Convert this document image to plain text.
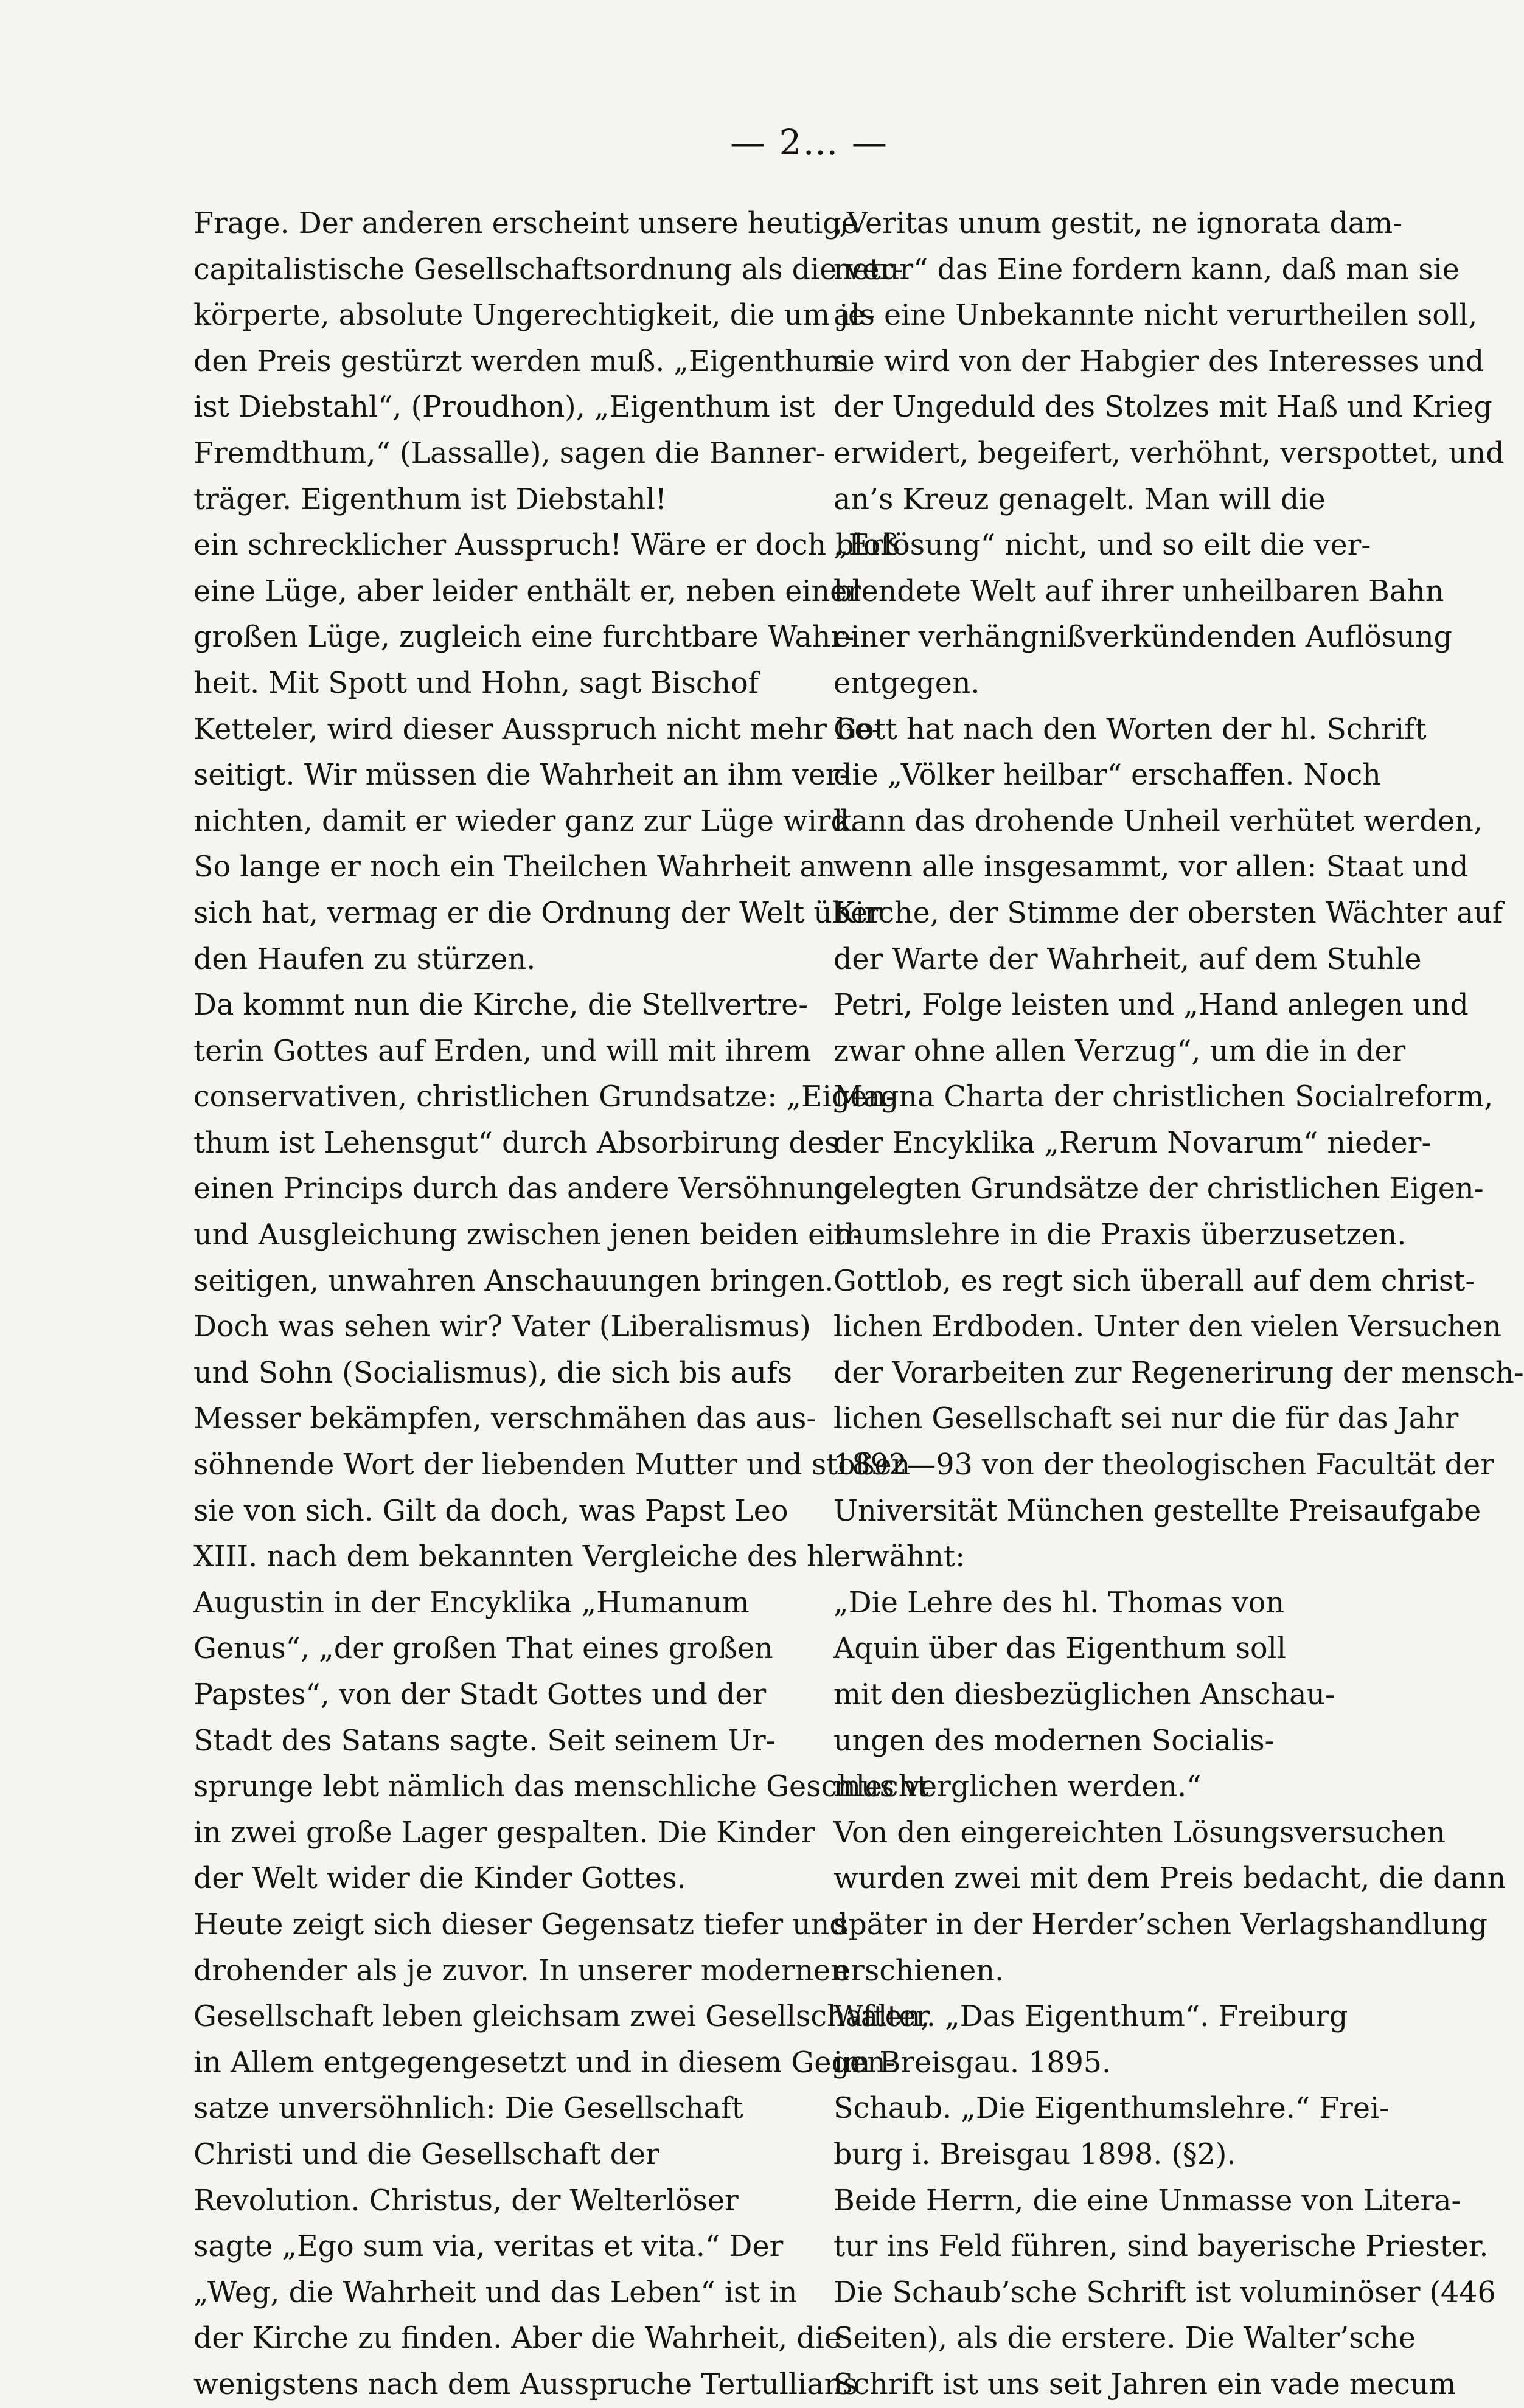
— 2… —
Frage. Der anderen erscheint unsere heutige
capitalistische Gesellschaftsordnung als die ver-
körperte, absolute Ungerechtigkeit, die um je-
den Preis gestürzt werden muß. „Eigenthum
ist Diebstahl“, (Proudhon), „Eigenthum ist
Fremdthum,“ (Lassalle), sagen die Banner-
träger. Eigenthum ist Diebstahl!
ein schrecklicher Ausspruch! Wäre er doch bloß
eine Lüge, aber leider enthält er, neben einer
großen Lüge, zugleich eine furchtbare Wahr-
heit. Mit Spott und Hohn, sagt Bischof
Ketteler, wird dieser Ausspruch nicht mehr be-
seitigt. Wir müssen die Wahrheit an ihm ver-
nichten, damit er wieder ganz zur Lüge wird.
So lange er noch ein Theilchen Wahrheit an
sich hat, vermag er die Ordnung der Welt über
den Haufen zu stürzen.
Da kommt nun die Kirche, die Stellvertre-
terin Gottes auf Erden, und will mit ihrem
conservativen, christlichen Grundsatze: „Eigen-
thum ist Lehensgut“ durch Absorbirung des
einen Princips durch das andere Versöhnung
und Ausgleichung zwischen jenen beiden ein-
seitigen, unwahren Anschauungen bringen.
Doch was sehen wir? Vater (Liberalismus)
und Sohn (Socialismus), die sich bis aufs
Messer bekämpfen, verschmähen das aus-
söhnende Wort der liebenden Mutter und stoßen
sie von sich. Gilt da doch, was Papst Leo
XIII. nach dem bekannten Vergleiche des hl.
Augustin in der Encyklika „Humanum
Genus“, „der großen That eines großen
Papstes“, von der Stadt Gottes und der
Stadt des Satans sagte. Seit seinem Ur-
sprunge lebt nämlich das menschliche Geschlecht
in zwei große Lager gespalten. Die Kinder
der Welt wider die Kinder Gottes.
Heute zeigt sich dieser Gegensatz tiefer und
drohender als je zuvor. In unserer modernen
Gesellschaft leben gleichsam zwei Gesellschaften,
in Allem entgegengesetzt und in diesem Gegen-
satze unversöhnlich: Die Gesellschaft
Christi und die Gesellschaft der
Revolution. Christus, der Welterlöser
sagte „Ego sum via, veritas et vita.“ Der
„Weg, die Wahrheit und das Leben“ ist in
der Kirche zu finden. Aber die Wahrheit, die
wenigstens nach dem Ausspruche Tertullians
„Veritas unum gestit, ne ignorata dam-
netur“ das Eine fordern kann, daß man sie
als eine Unbekannte nicht verurtheilen soll,
sie wird von der Habgier des Interesses und
der Ungeduld des Stolzes mit Haß und Krieg
erwidert, begeifert, verhöhnt, verspottet, und
an’s Kreuz genagelt. Man will die
„Erlösung“ nicht, und so eilt die ver-
blendete Welt auf ihrer unheilbaren Bahn
einer verhängnißverkündenden Auflösung
entgegen.
Gott hat nach den Worten der hl. Schrift
die „Völker heilbar“ erschaffen. Noch
kann das drohende Unheil verhütet werden,
wenn alle insgesammt, vor allen: Staat und
Kirche, der Stimme der obersten Wächter auf
der Warte der Wahrheit, auf dem Stuhle
Petri, Folge leisten und „Hand anlegen und
zwar ohne allen Verzug“, um die in der
Magna Charta der christlichen Socialreform,
der Encyklika „Rerum Novarum“ nieder-
gelegten Grundsätze der christlichen Eigen-
thumslehre in die Praxis überzusetzen.
Gottlob, es regt sich überall auf dem christ-
lichen Erdboden. Unter den vielen Versuchen
der Vorarbeiten zur Regenerirung der mensch-
lichen Gesellschaft sei nur die für das Jahr
1892—93 von der theologischen Facultät der
Universität München gestellte Preisaufgabe
erwähnt:
„Die Lehre des hl. Thomas von
Aquin über das Eigenthum soll
mit den diesbezüglichen Anschau-
ungen des modernen Socialis-
mus verglichen werden.“
Von den eingereichten Lösungsversuchen
wurden zwei mit dem Preis bedacht, die dann
später in der Herder’schen Verlagshandlung
erschienen.
Walter. „Das Eigenthum“. Freiburg
im Breisgau. 1895.
Schaub. „Die Eigenthumslehre.“ Frei-
burg i. Breisgau 1898. (§2).
Beide Herrn, die eine Unmasse von Litera-
tur ins Feld führen, sind bayerische Priester.
Die Schaub’sche Schrift ist voluminöser (446
Seiten), als die erstere. Die Walter’sche
Schrift ist uns seit Jahren ein vade mecum
